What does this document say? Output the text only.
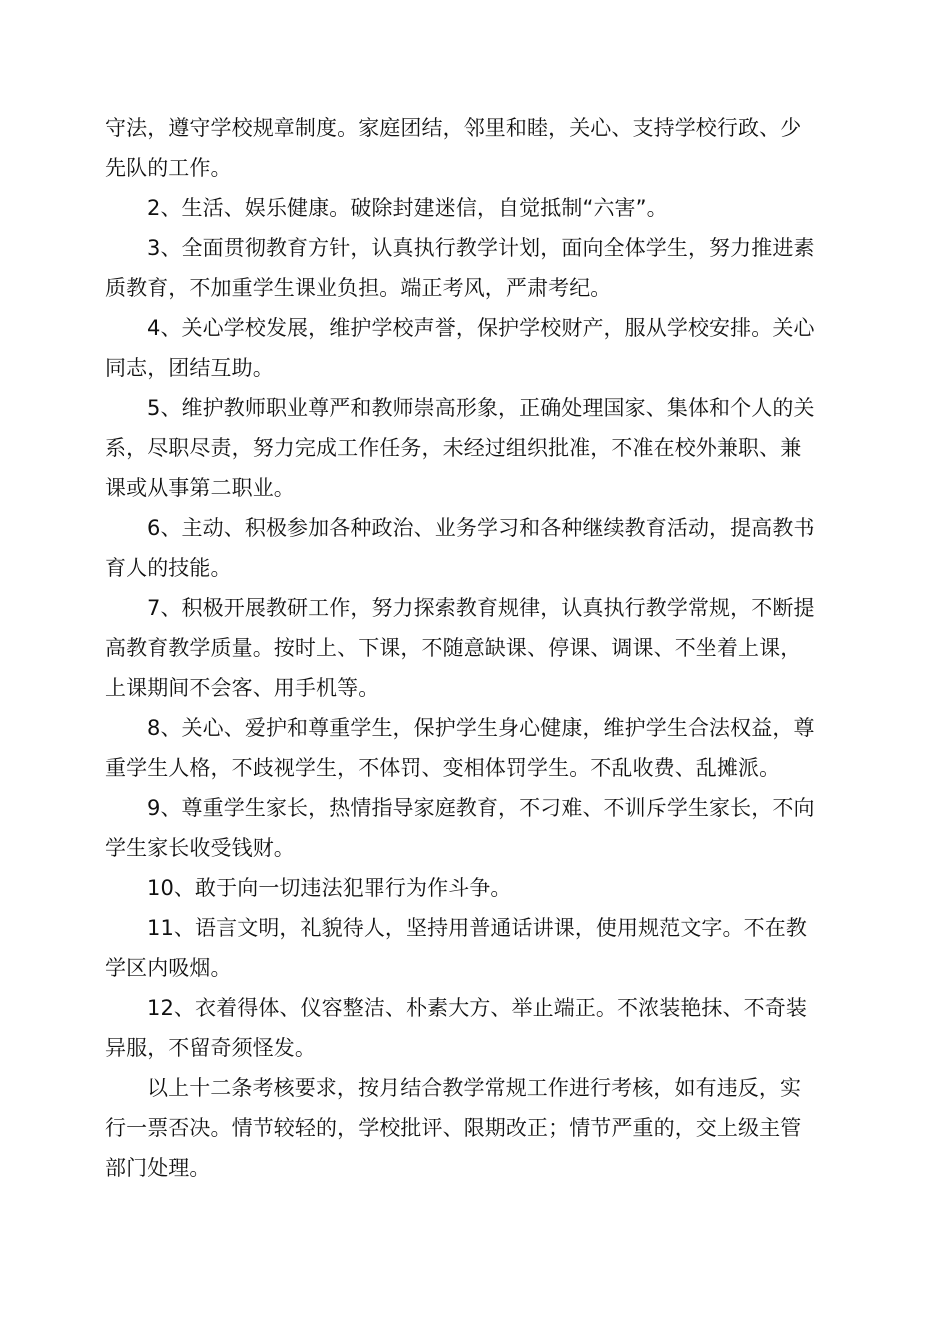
守法，遵守学校规章制度。家庭团结，邻里和睦，关心、支持学校行政、少
先队的工作。
2、生活、娱乐健康。破除封建迷信，自觉抵制“六害”。
3、全面贯彻教育方针，认真执行教学计划，面向全体学生，努力推进素
质教育，不加重学生课业负担。端正考风，严肃考纪。
4、关心学校发展，维护学校声誉，保护学校财产，服从学校安排。关心
同志，团结互助。
5、维护教师职业尊严和教师崇高形象，正确处理国家、集体和个人的关
系，尽职尽责，努力完成工作任务，未经过组织批准，不准在校外兼职、兼
课或从事第二职业。
6、主动、积极参加各种政治、业务学习和各种继续教育活动，提高教书
育人的技能。
7、积极开展教研工作，努力探索教育规律，认真执行教学常规，不断提
高教育教学质量。按时上、下课，不随意缺课、停课、调课、不坐着上课，
上课期间不会客、用手机等。
8、关心、爱护和尊重学生，保护学生身心健康，维护学生合法权益，尊
重学生人格，不歧视学生，不体罚、变相体罚学生。不乱收费、乱摊派。
9、尊重学生家长，热情指导家庭教育，不刁难、不训斥学生家长，不向
学生家长收受钱财。
10、敢于向一切违法犯罪行为作斗争。
11、语言文明，礼貌待人，坚持用普通话讲课，使用规范文字。不在教
学区内吸烟。
12、衣着得体、仪容整洁、朴素大方、举止端正。不浓装艳抹、不奇装
异服，不留奇须怪发。
以上十二条考核要求，按月结合教学常规工作进行考核，如有违反，实
行一票否决。情节较轻的，学校批评、限期改正；情节严重的，交上级主管
部门处理。
